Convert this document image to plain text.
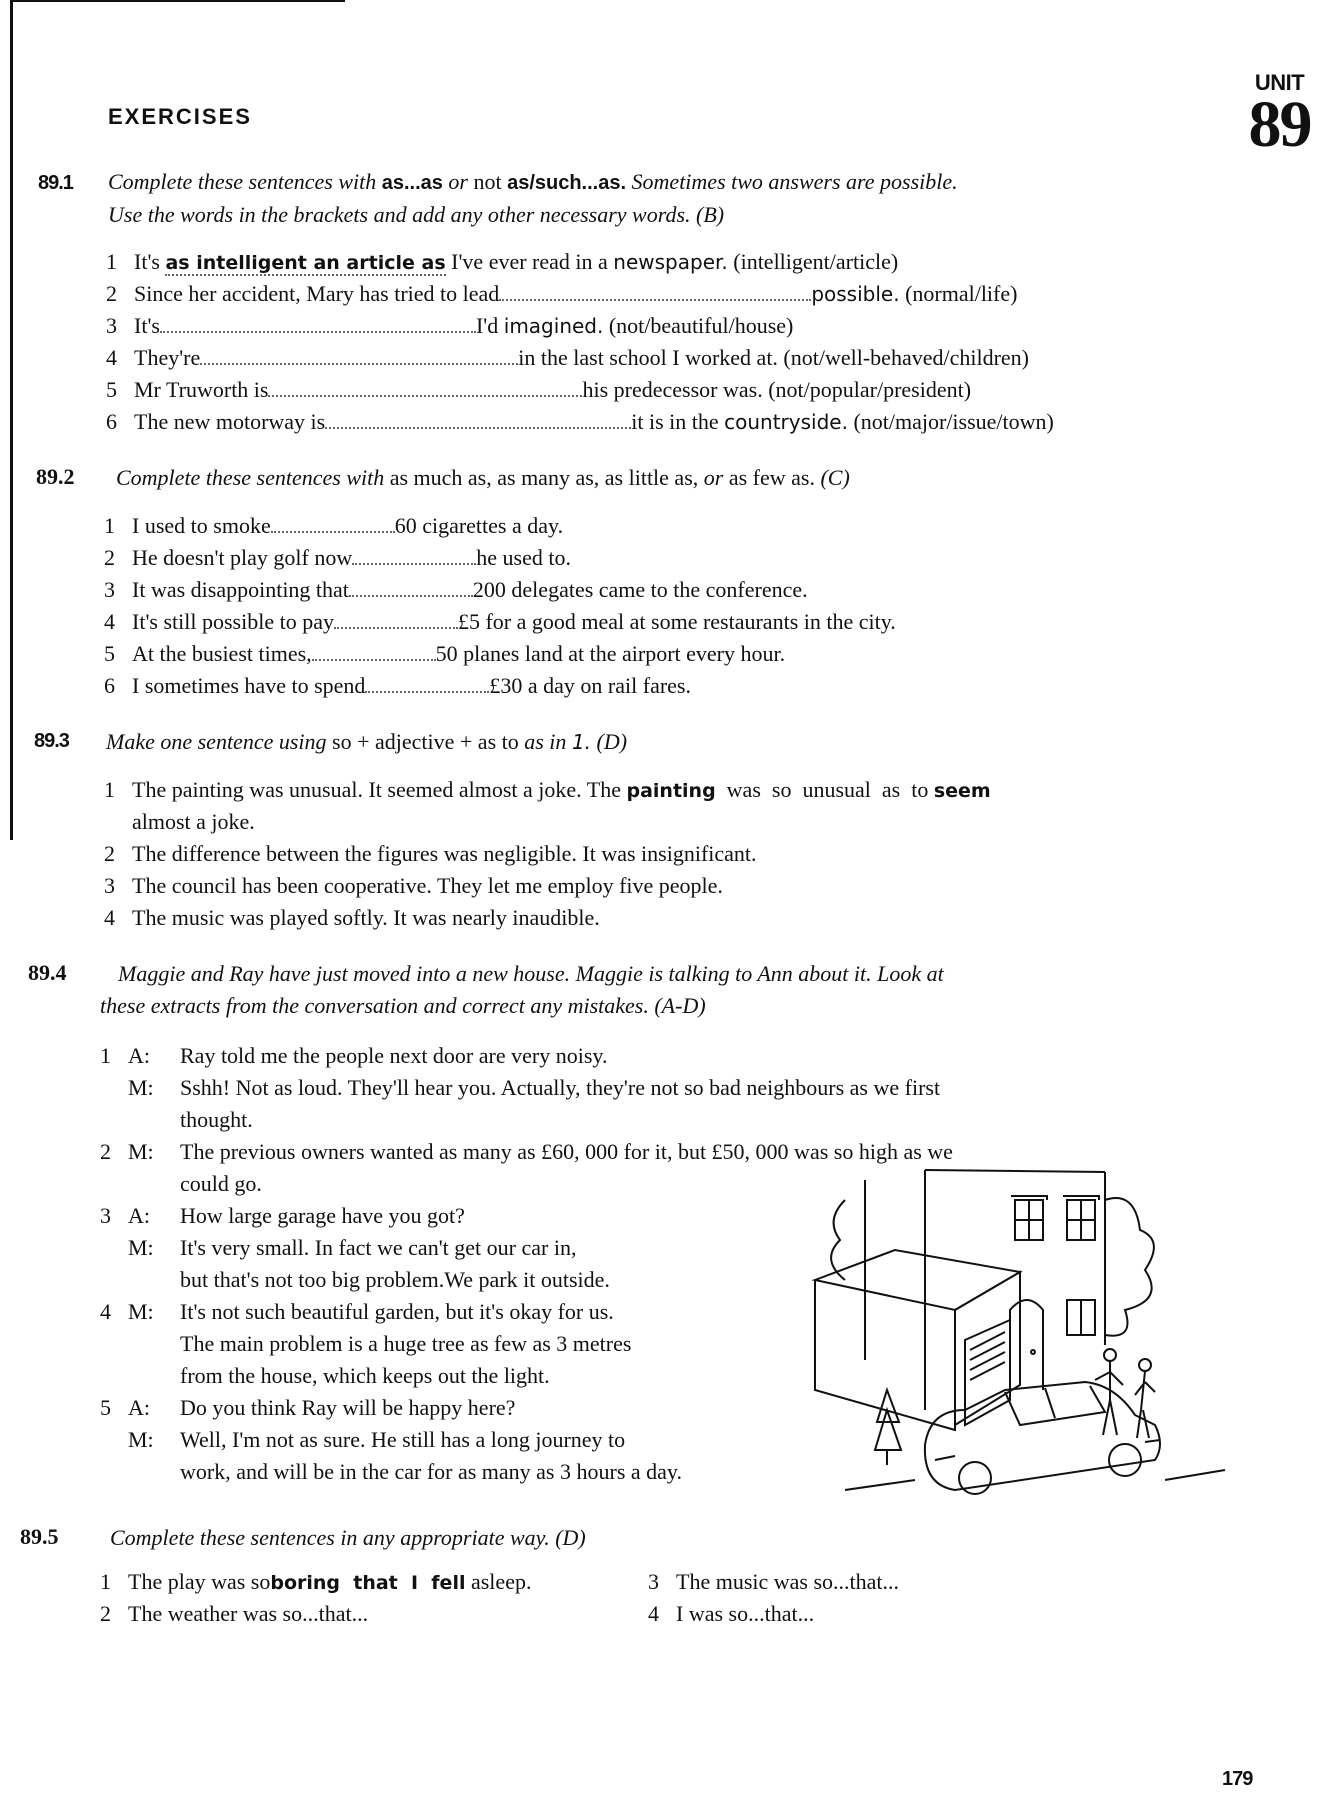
UNIT
89
EXERCISES
89.1 Complete these sentences with as...as or not as/such...as. Sometimes two answers are possible.
Use the words in the brackets and add any other necessary words. (B)
1 It's as intelligent an article as I've ever read in a newspaper. (intelligent/article)
2 Since her accident, Mary has tried to lead	possible. (normal/life)
3 It's	I'd imagined. (not/beautiful/house)
4 They're	in the last school I worked at. (not/well-behaved/children)
5 Mr Truworth is	his predecessor was. (not/popular/president)
6 The new motorway is	it is in the countryside. (not/major/issue/town)
89.2 Complete these sentences with as much as, as many as, as little as, or as few as. (C)
1 I used to smoke	60 cigarettes a day.
2 He doesn't play golf now	he used to.
3 It was disappointing that	200 delegates came to the conference.
4 It's still possible to pay	£5 for a good meal at some restaurants in the city.
5 At the busiest times,	50 planes land at the airport every hour.
6 I sometimes have to spend	£30 a day on rail fares.
89.3 Make one sentence using so + adjective + as to as in 1. (D)
1 The painting was unusual. It seemed almost a joke. The painting  was  so  unusual  as  to seem
almost a joke.
2 The difference between the figures was negligible. It was insignificant.
3 The council has been cooperative. They let me employ five people.
4 The music was played softly. It was nearly inaudible.
89.4	Maggie and Ray have just moved into a new house. Maggie is talking to Ann about it. Look at
these extracts from the conversation and correct any mistakes. (A-D)
1 A: Ray told me the people next door are very noisy.
M: Sshh! Not as loud. They'll hear you. Actually, they're not so bad neighbours as we first
thought.
2 M: The previous owners wanted as many as £60, 000 for it, but £50, 000 was so high as we
could go.
3 A: How large garage have you got?
M: It's very small. In fact we can't get our car in,
but that's not too big problem.We park it outside.
4 M: It's not such beautiful garden, but it's okay for us.
The main problem is a huge tree as few as 3 metres
from the house, which keeps out the light.
5 A: Do you think Ray will be happy here?
M: Well, I'm not as sure. He still has a long journey to
work, and will be in the car for as many as 3 hours a day.
89.5 Complete these sentences in any appropriate way. (D)
1 The play was soboring  that  I  fell asleep.
2 The weather was so...that...
3 The music was so...that...
4 I was so...that...
179
